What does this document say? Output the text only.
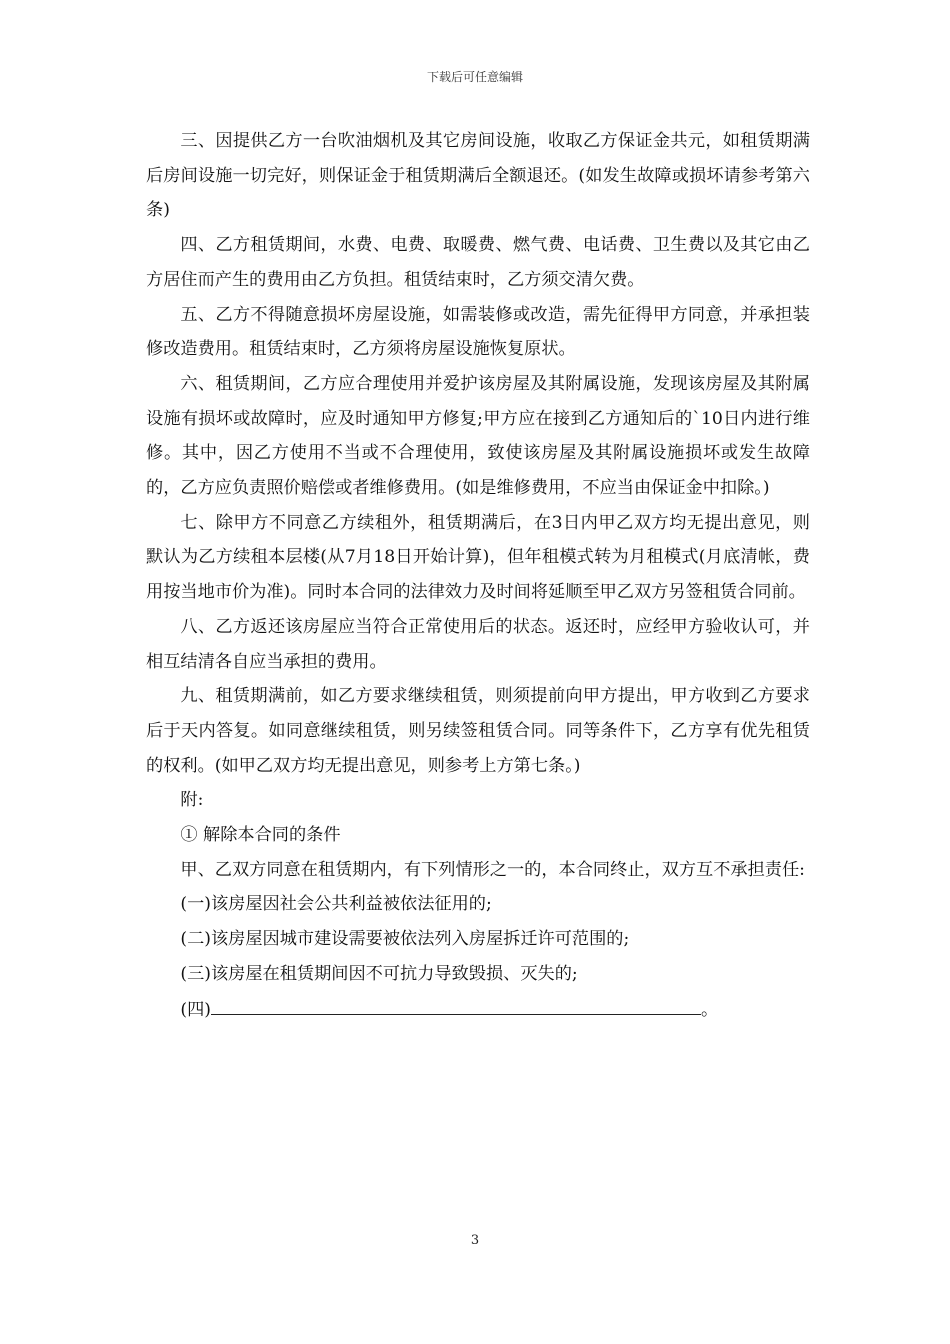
下载后可任意编辑

三、因提供乙方一台吹油烟机及其它房间设施，收取乙方保证金共元，如租赁期满后房间设施一切完好，则保证金于租赁期满后全额退还。(如发生故障或损坏请参考第六条)

四、乙方租赁期间，水费、电费、取暖费、燃气费、电话费、卫生费以及其它由乙方居住而产生的费用由乙方负担。租赁结束时，乙方须交清欠费。

五、乙方不得随意损坏房屋设施，如需装修或改造，需先征得甲方同意，并承担装修改造费用。租赁结束时，乙方须将房屋设施恢复原状。

六、租赁期间，乙方应合理使用并爱护该房屋及其附属设施，发现该房屋及其附属设施有损坏或故障时，应及时通知甲方修复;甲方应在接到乙方通知后的`10日内进行维修。其中，因乙方使用不当或不合理使用，致使该房屋及其附属设施损坏或发生故障的，乙方应负责照价赔偿或者维修费用。(如是维修费用，不应当由保证金中扣除。)

七、除甲方不同意乙方续租外，租赁期满后，在3日内甲乙双方均无提出意见，则默认为乙方续租本层楼(从7月18日开始计算)，但年租模式转为月租模式(月底清帐，费用按当地市价为准)。同时本合同的法律效力及时间将延顺至甲乙双方另签租赁合同前。

八、乙方返还该房屋应当符合正常使用后的状态。返还时，应经甲方验收认可，并相互结清各自应当承担的费用。

九、租赁期满前，如乙方要求继续租赁，则须提前向甲方提出，甲方收到乙方要求后于天内答复。如同意继续租赁，则另续签租赁合同。同等条件下，乙方享有优先租赁的权利。(如甲乙双方均无提出意见，则参考上方第七条。)

附:

① 解除本合同的条件

甲、乙双方同意在租赁期内，有下列情形之一的，本合同终止，双方互不承担责任:

(一)该房屋因社会公共利益被依法征用的;

(二)该房屋因城市建设需要被依法列入房屋拆迁许可范围的;

(三)该房屋在租赁期间因不可抗力导致毁损、灭失的;

(四)	。

3
